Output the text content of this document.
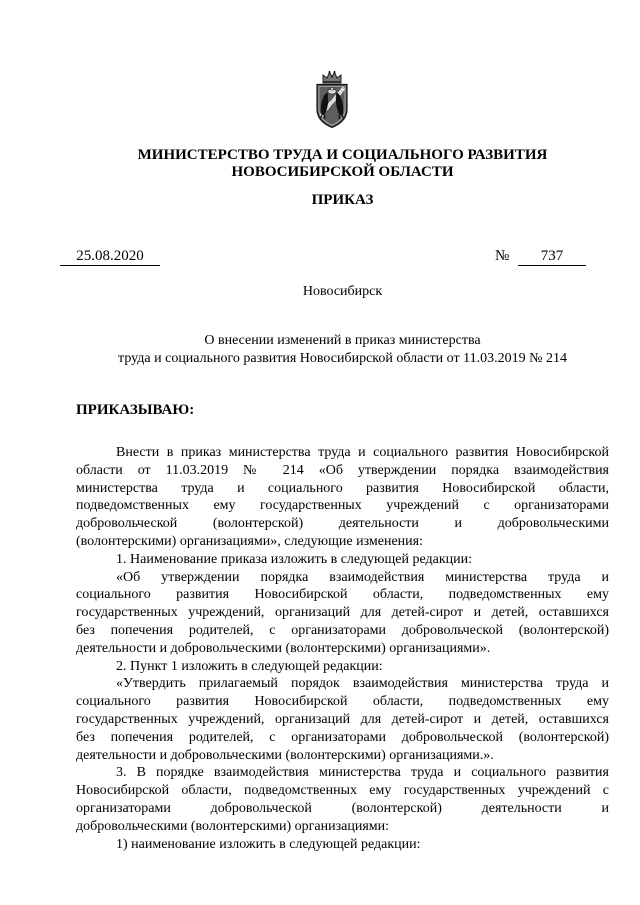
МИНИСТЕРСТВО ТРУДА И СОЦИАЛЬНОГО РАЗВИТИЯ
НОВОСИБИРСКОЙ ОБЛАСТИ
ПРИКАЗ
25.08.2020	№	737
Новосибирск
О внесении изменений в приказ министерства
труда и социального развития Новосибирской области от 11.03.2019 № 214
ПРИКАЗЫВАЮ:
Внести в приказ министерства труда и социального развития Новосибирской
области от 11.03.2019 № 214 «Об утверждении порядка взаимодействия
министерства труда и социального развития Новосибирской области,
подведомственных ему государственных учреждений с организаторами
добровольческой (волонтерской) деятельности и добровольческими
(волонтерскими) организациями», следующие изменения:
1. Наименование приказа изложить в следующей редакции:
«Об утверждении порядка взаимодействия министерства труда и
социального развития Новосибирской области, подведомственных ему
государственных учреждений, организаций для детей-сирот и детей, оставшихся
без попечения родителей, с организаторами добровольческой (волонтерской)
деятельности и добровольческими (волонтерскими) организациями».
2. Пункт 1 изложить в следующей редакции:
«Утвердить прилагаемый порядок взаимодействия министерства труда и
социального развития Новосибирской области, подведомственных ему
государственных учреждений, организаций для детей-сирот и детей, оставшихся
без попечения родителей, с организаторами добровольческой (волонтерской)
деятельности и добровольческими (волонтерскими) организациями.».
3. В порядке взаимодействия министерства труда и социального развития
Новосибирской области, подведомственных ему государственных учреждений с
организаторами добровольческой (волонтерской) деятельности и
добровольческими (волонтерскими) организациями:
1) наименование изложить в следующей редакции:
